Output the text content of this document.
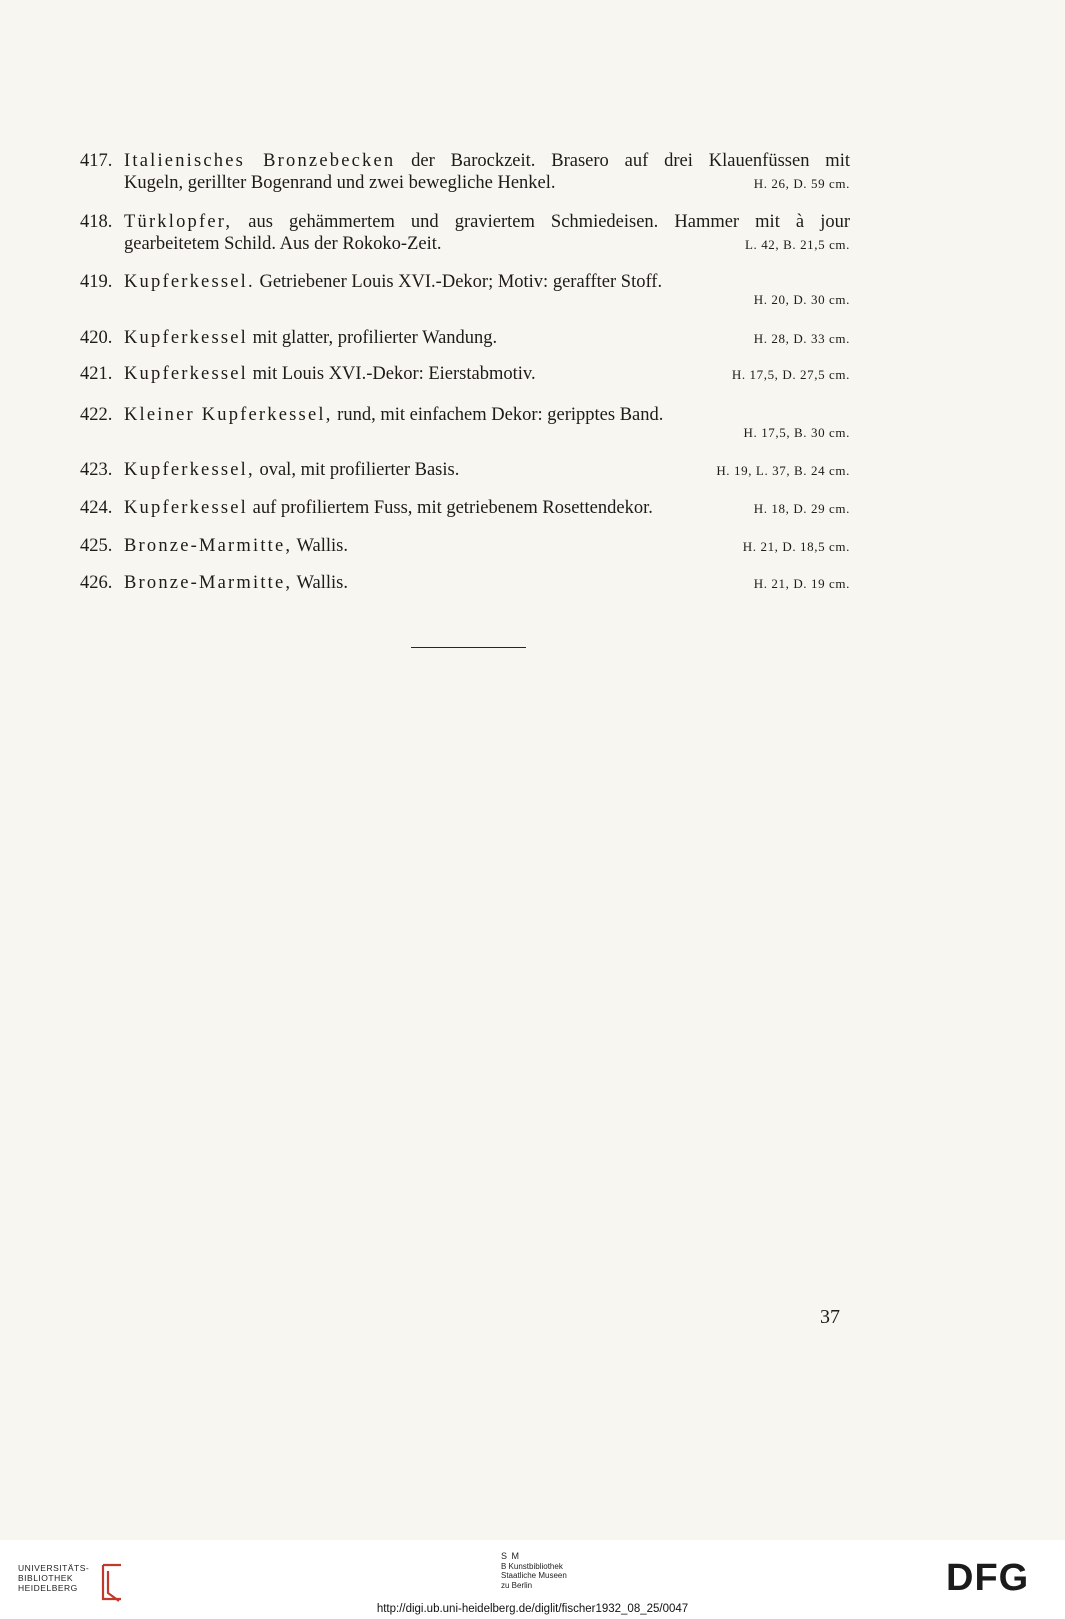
417. Italienisches Bronzebecken der Barockzeit. Brasero auf drei Klauenfüssen mit
Kugeln, gerillter Bogenrand und zwei bewegliche Henkel.	H. 26, D. 59 cm.
418. Türklopfer, aus gehämmertem und graviertem Schmiedeisen. Hammer mit à jour
gearbeitetem Schild. Aus der Rokoko-Zeit.	L. 42, B. 21,5 cm.
419. Kupferkessel. Getriebener Louis XVI.-Dekor; Motiv: geraffter Stoff.
H. 20, D. 30 cm.
420. Kupferkessel mit glatter, profilierter Wandung.	H. 28, D. 33 cm.
421. Kupferkessel mit Louis XVI.-Dekor: Eierstabmotiv.	H. 17,5, D. 27,5 cm.
422. Kleiner Kupferkessel, rund, mit einfachem Dekor: geripptes Band.
H. 17,5, B. 30 cm.
423. Kupferkessel, oval, mit profilierter Basis.	H. 19, L. 37, B. 24 cm.
424. Kupferkessel auf profiliertem Fuss, mit getriebenem Rosettendekor.	H. 18, D. 29 cm.
425. Bronze-Marmitte, Wallis.	H. 21, D. 18,5 cm.
426. Bronze-Marmitte, Wallis.	H. 21, D. 19 cm.
37
UNIVERSITÄTS-
BIBLIOTHEK
HEIDELBERG
S M
B Kunstbibliothek
Staatliche Museen
zu Berlin	DFG
http://digi.ub.uni-heidelberg.de/diglit/fischer1932_08_25/0047
